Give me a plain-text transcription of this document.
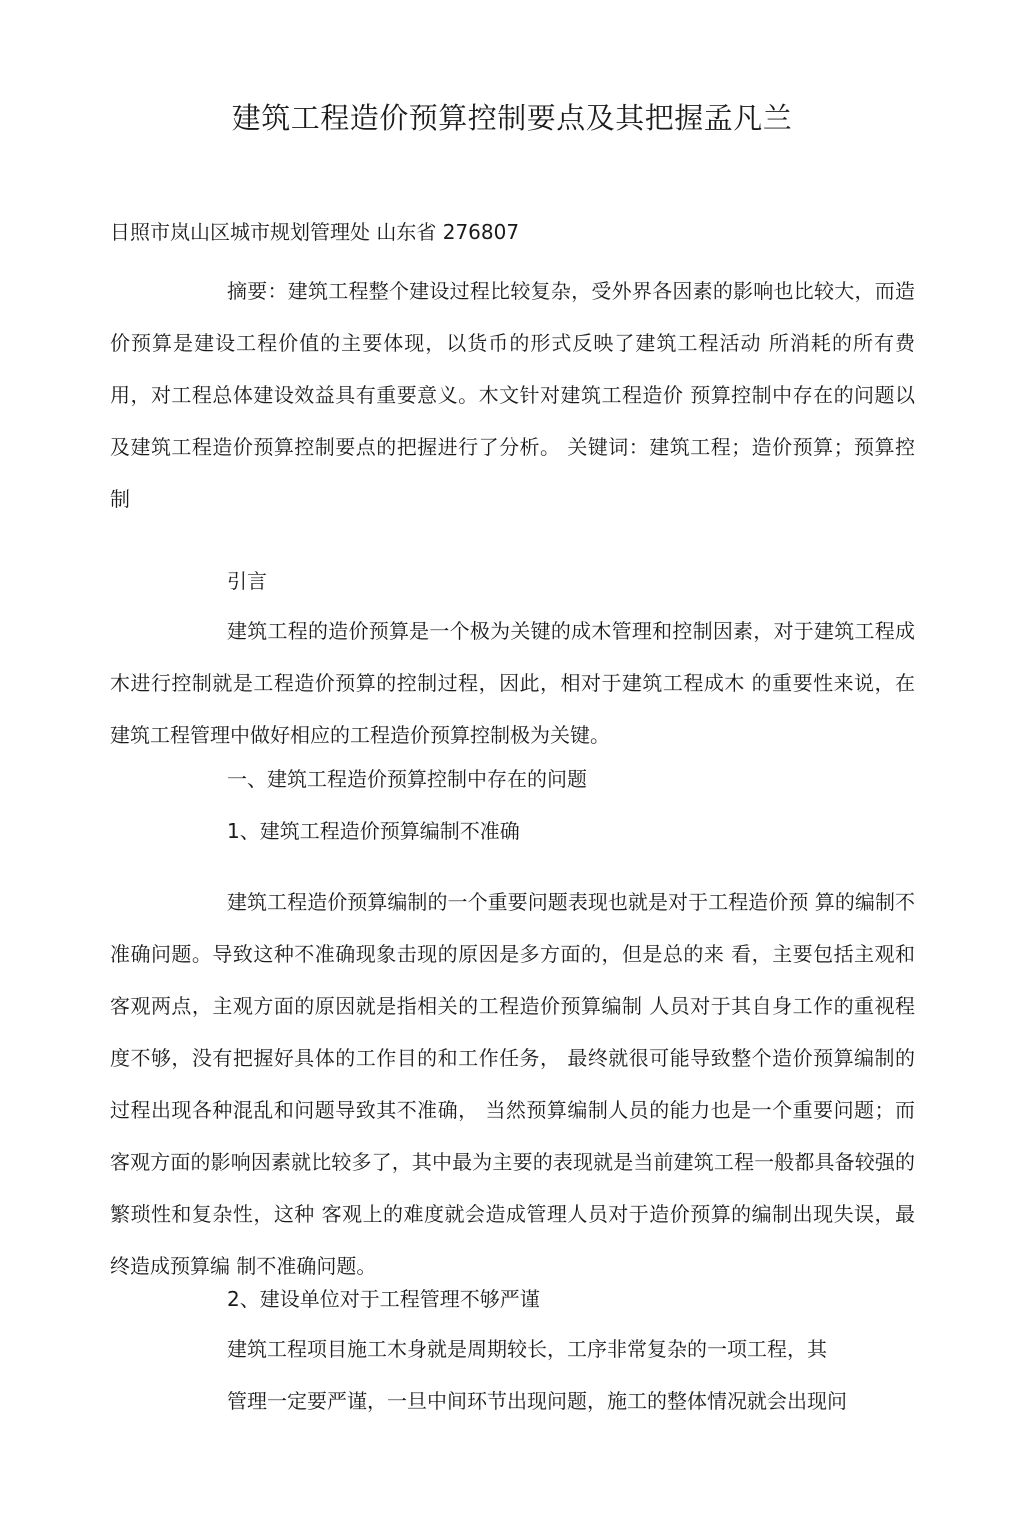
建筑工程造价预算控制要点及其把握孟凡兰

日照市岚山区城市规划管理处 山东省 276807

摘要：建筑工程整个建设过程比较复杂，受外界各因素的影响也比较大，而造价预算是建设工程价值的主要体现，以货币的形式反映了建筑工程活动 所消耗的所有费用，对工程总体建设效益具有重要意义。木文针对建筑工程造价 预算控制中存在的问题以及建筑工程造价预算控制要点的把握进行了分析。 关键词：建筑工程；造价预算；预算控制

引言

建筑工程的造价预算是一个极为关键的成木管理和控制因素，对于建筑工程成木进行控制就是工程造价预算的控制过程，因此，相对于建筑工程成木 的重要性来说，在建筑工程管理中做好相应的工程造价预算控制极为关键。

一、建筑工程造价预算控制中存在的问题

1、建筑工程造价预算编制不准确

建筑工程造价预算编制的一个重要问题表现也就是对于工程造价预 算的编制不准确问题。导致这种不准确现象击现的原因是多方面的，但是总的来 看，主要包括主观和客观两点，主观方面的原因就是指相关的工程造价预算编制 人员对于其自身工作的重视程度不够，没有把握好具体的工作目的和工作任务， 最终就很可能导致整个造价预算编制的过程出现各种混乱和问题导致其不准确， 当然预算编制人员的能力也是一个重要问题；而客观方面的影响因素就比较多了，其中最为主要的表现就是当前建筑工程一般都具备较强的繁琐性和复杂性，这种 客观上的难度就会造成管理人员对于造价预算的编制出现失误，最终造成预算编 制不准确问题。

2、建设单位对于工程管理不够严谨

建筑工程项目施工木身就是周期较长，工序非常复杂的一项工程，其

管理一定要严谨，一旦中间环节出现问题，施工的整体情况就会出现问
